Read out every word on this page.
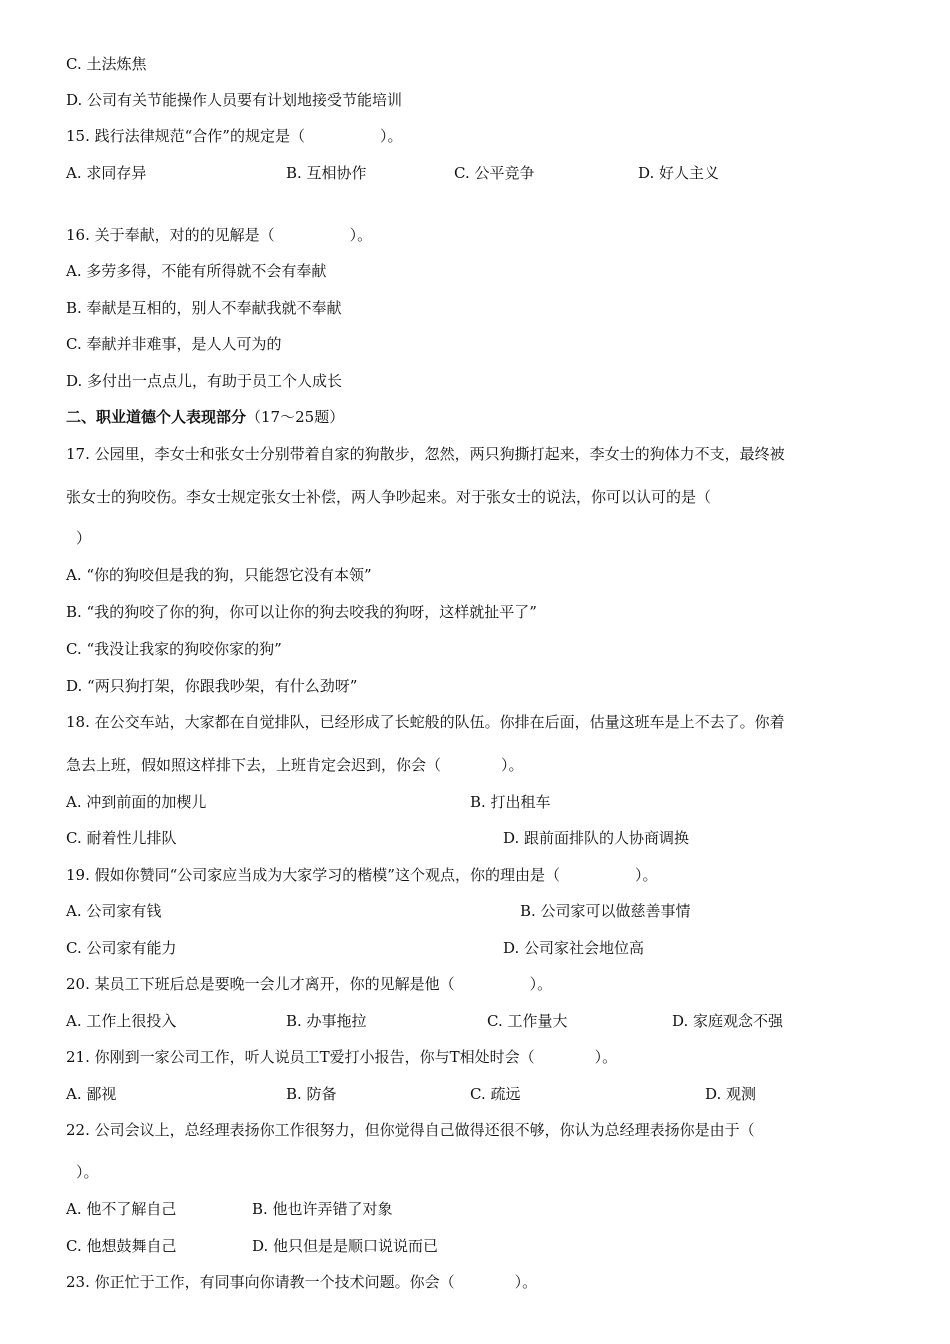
C. 土法炼焦
D. 公司有关节能操作人员要有计划地接受节能培训
15. 践行法律规范“合作”的规定是（　　　　　）。
A. 求同存异	B. 互相协作	C. 公平竞争	D. 好人主义
16. 关于奉献，对的的见解是（　　　　　）。
A. 多劳多得，不能有所得就不会有奉献
B. 奉献是互相的，别人不奉献我就不奉献
C. 奉献并非难事，是人人可为的
D. 多付出一点点儿，有助于员工个人成长
二、职业道德个人表现部分（17～25题）
17. 公园里，李女士和张女士分别带着自家的狗散步，忽然，两只狗撕打起来，李女士的狗体力不支，最终被
张女士的狗咬伤。李女士规定张女士补偿，两人争吵起来。对于张女士的说法，你可以认可的是（
）
A. “你的狗咬但是我的狗，只能怨它没有本领”
B. “我的狗咬了你的狗，你可以让你的狗去咬我的狗呀，这样就扯平了”
C. “我没让我家的狗咬你家的狗”
D. “两只狗打架，你跟我吵架，有什么劲呀”
18. 在公交车站，大家都在自觉排队，已经形成了长蛇般的队伍。你排在后面，估量这班车是上不去了。你着
急去上班，假如照这样排下去，上班肯定会迟到，你会（　　　　）。
A. 冲到前面的加楔儿	B. 打出租车
C. 耐着性儿排队	D. 跟前面排队的人协商调换
19. 假如你赞同“公司家应当成为大家学习的楷模”这个观点，你的理由是（　　　　　）。
A. 公司家有钱	B. 公司家可以做慈善事情
C. 公司家有能力	D. 公司家社会地位高
20. 某员工下班后总是要晚一会儿才离开，你的见解是他（　　　　　）。
A. 工作上很投入	B. 办事拖拉	C. 工作量大	D. 家庭观念不强
21. 你刚到一家公司工作，听人说员工T爱打小报告，你与T相处时会（　　　　）。
A. 鄙视	B. 防备	C. 疏远	D. 观测
22. 公司会议上，总经理表扬你工作很努力，但你觉得自己做得还很不够，你认为总经理表扬你是由于（
）。
A. 他不了解自己	B. 他也许弄错了对象
C. 他想鼓舞自己	D. 他只但是是顺口说说而已
23. 你正忙于工作，有同事向你请教一个技术问题。你会（　　　　）。
